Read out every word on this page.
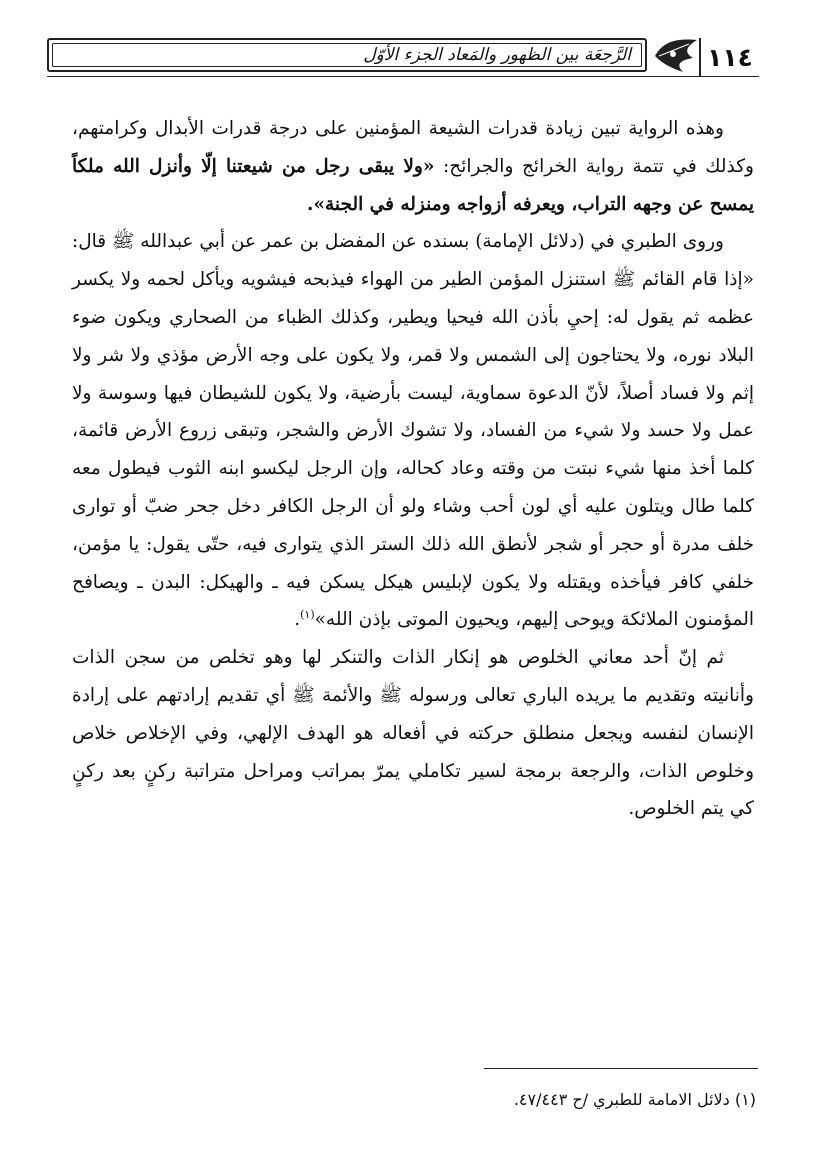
الرَّجعَة بين الظهور والمَعاد الجزء الأوّل	١١٤

وهذه الرواية تبين زيادة قدرات الشيعة المؤمنين على درجة قدرات الأبدال وكرامتهم، وكذلك في تتمة رواية الخرائج والجرائح: «ولا يبقى رجل من شيعتنا إلّا وأنزل الله ملكاً يمسح عن وجهه التراب، ويعرفه أزواجه ومنزله في الجنة».

وروى الطبري في (دلائل الإمامة) بسنده عن المفضل بن عمر عن أبي عبدالله ﷺ قال: «إذا قام القائم ﷺ استنزل المؤمن الطير من الهواء فيذبحه فيشويه ويأكل لحمه ولا يكسر عظمه ثم يقول له: إحيِ بأذن الله فيحيا ويطير، وكذلك الظباء من الصحاري ويكون ضوء البلاد نوره، ولا يحتاجون إلى الشمس ولا قمر، ولا يكون على وجه الأرض مؤذي ولا شر ولا إثم ولا فساد أصلاً، لأنّ الدعوة سماوية، ليست بأرضية، ولا يكون للشيطان فيها وسوسة ولا عمل ولا حسد ولا شيء من الفساد، ولا تشوك الأرض والشجر، وتبقى زروع الأرض قائمة، كلما أخذ منها شيء نبتت من وقته وعاد كحاله، وإن الرجل ليكسو ابنه الثوب فيطول معه كلما طال ويتلون عليه أي لون أحب وشاء ولو أن الرجل الكافر دخل جحر ضبّ أو توارى خلف مدرة أو حجر أو شجر لأنطق الله ذلك الستر الذي يتوارى فيه، حتّى يقول: يا مؤمن، خلفي كافر فيأخذه ويقتله ولا يكون لإبليس هيكل يسكن فيه ـ والهيكل: البدن ـ ويصافح المؤمنون الملائكة ويوحى إليهم، ويحيون الموتى بإذن الله»$^{(١)}$.

ثم إنّ أحد معاني الخلوص هو إنكار الذات والتنكر لها وهو تخلص من سجن الذات وأنانيته وتقديم ما يريده الباري تعالى ورسوله ﷺ والأئمة ﷺ أي تقديم إرادتهم على إرادة الإنسان لنفسه ويجعل منطلق حركته في أفعاله هو الهدف الإلهي، وفي الإخلاص خلاص وخلوص الذات، والرجعة برمجة لسير تكاملي يمرّ بمراتب ومراحل متراتبة ركنٍ بعد ركنٍ كي يتم الخلوص.

(١) دلائل الامامة للطبري /ح ٤٧/٤٤٣.
